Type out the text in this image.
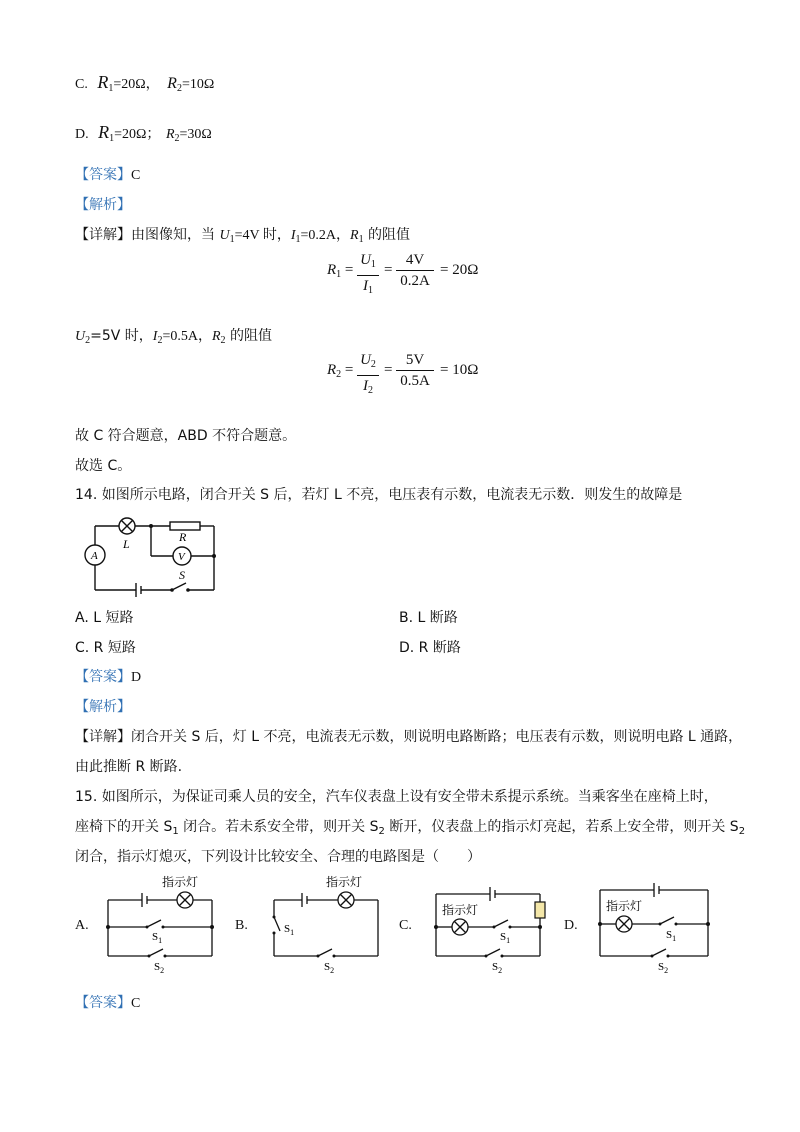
C. $R_1=20\Omega$， $R_2=10\Omega$
D. $R_1=20\Omega$； $R_2=30\Omega$
【答案】C
【解析】
【详解】由图像知，当 $U_1=4V$ 时，$I_1=0.2A$，$R_1$ 的阻值
$R_1$ =
$U_1$
$I_1$
=
4V
0.2A
= 20Ω
$U_2=5V$ 时，$I_2=0.5A$，$R_2$ 的阻值
$R_2$ =
$U_2$
$I_2$
=
5V
0.5A
= 10Ω
故 C 符合题意，ABD 不符合题意。
故选 C。
14. 如图所示电路，闭合开关 S 后，若灯 L 不亮，电压表有示数，电流表无示数．则发生的故障是
L	R
V
A
S
A. L 短路	B. L 断路
C. R 短路	D. R 断路
【答案】D
【解析】
【详解】闭合开关 S 后，灯 L 不亮，电流表无示数，则说明电路断路；电压表有示数，则说明电路 L 通路，
由此推断 R 断路.
15. 如图所示，为保证司乘人员的安全，汽车仪表盘上设有安全带未系提示系统。当乘客坐在座椅上时，
座椅下的开关 $S_1$ 闭合。若未系安全带，则开关 $S_2$ 断开，仪表盘上的指示灯亮起，若系上安全带，则开关 $S_2$
闭合，指示灯熄灭，下列设计比较安全、合理的电路图是（　　）
A.	B.	C.	D.
指示灯
$S_1$
$S_2$
指示灯
$S_1$
$S_2$
指示灯
$S_1$
$S_2$
指示灯
$S_1$
$S_2$
【答案】C
